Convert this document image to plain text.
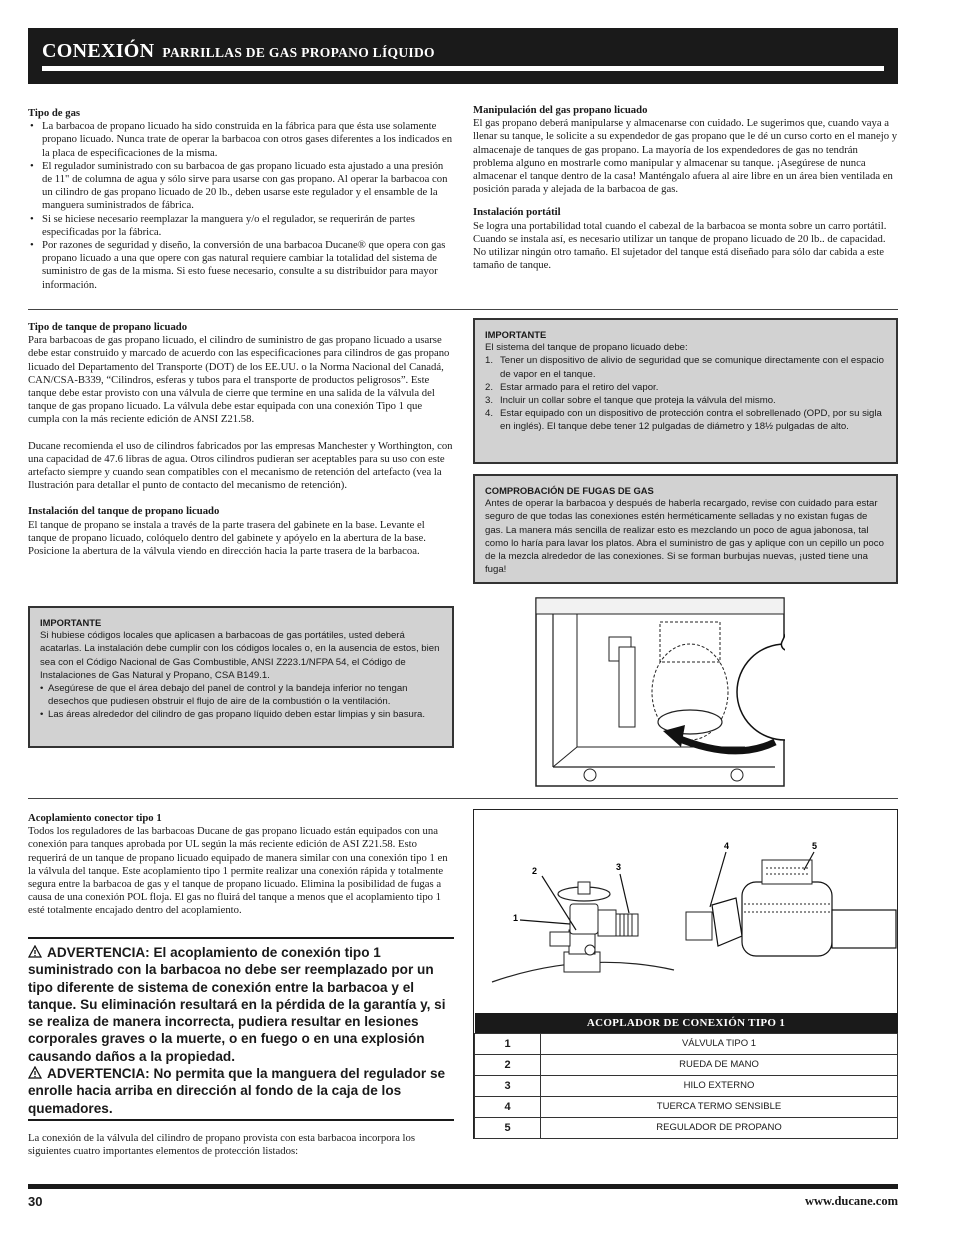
CONEXIÓN PARRILLAS DE GAS PROPANO LÍQUIDO
Tipo de gas
• La barbacoa de propano licuado ha sido construida en la fábrica para que ésta use solamente propano licuado. Nunca trate de operar la barbacoa con otros gases diferentes a los indicados en la placa de especificaciones de la misma.
• El regulador suministrado con su barbacoa de gas propano licuado esta ajustado a una presión de 11" de columna de agua y sólo sirve para usarse con gas propano. Al operar la barbacoa con un cilindro de gas propano licuado de 20 lb., deben usarse este regulador y el ensamble de la manguera suministrados de fábrica.
• Si se hiciese necesario reemplazar la manguera y/o el regulador, se requerirán de partes especificadas por la fábrica.
• Por razones de seguridad y diseño, la conversión de una barbacoa Ducane® que opera con gas propano licuado a una que opere con gas natural requiere cambiar la totalidad del sistema de suministro de gas de la misma. Si esto fuese necesario, consulte a su distribuidor para mayor información.
Manipulación del gas propano licuado
El gas propano deberá manipularse y almacenarse con cuidado. Le sugerimos que, cuando vaya a llenar su tanque, le solicite a su expendedor de gas propano que le dé un curso corto en el manejo y almacenaje de tanques de gas propano. La mayoría de los expendedores de gas no tendrán problema alguno en mostrarle como manipular y almacenar su tanque. ¡Asegúrese de nunca almacenar el tanque dentro de la casa! Manténgalo afuera al aire libre en un área bien ventilada en posición parada y alejada de la barbacoa de gas.
Instalación portátil
Se logra una portabilidad total cuando el cabezal de la barbacoa se monta sobre un carro portátil. Cuando se instala así, es necesario utilizar un tanque de propano licuado de 20 lb.. de capacidad. No utilizar ningún otro tamaño. El sujetador del tanque está diseñado para sólo dar cabida a este tamaño de tanque.
Tipo de tanque de propano licuado
Para barbacoas de gas propano licuado, el cilindro de suministro de gas propano licuado a usarse debe estar construido y marcado de acuerdo con las especificaciones para cilindros de gas propano licuado del Departamento del Transporte (DOT) de los EE.UU. o la Norma Nacional del Canadá, CAN/CSA-B339, “Cilindros, esferas y tubos para el transporte de productos peligrosos”. Este tanque debe estar provisto con una válvula de cierre que termine en una salida de la válvula del tanque de gas propano licuado. La válvula debe estar equipada con una conexión Tipo 1 que cumpla con la más reciente edición de ANSI Z21.58.
Ducane recomienda el uso de cilindros fabricados por las empresas Manchester y Worthington, con una capacidad de 47.6 libras de agua. Otros cilindros pudieran ser aceptables para su uso con este artefacto siempre y cuando sean compatibles con el mecanismo de retención del artefacto (vea la Ilustración para detallar el punto de contacto del mecanismo de retención).
Instalación del tanque de propano licuado
El tanque de propano se instala a través de la parte trasera del gabinete en la base. Levante el tanque de propano licuado, colóquelo dentro del gabinete y apóyelo en la abertura de la base. Posicione la abertura de la válvula viendo en dirección hacia la parte trasera de la barbacoa.
IMPORTANTE
Si hubiese códigos locales que aplicasen a barbacoas de gas portátiles, usted deberá acatarlas. La instalación debe cumplir con los códigos locales o, en la ausencia de estos, bien sea con el Código Nacional de Gas Combustible, ANSI Z223.1/NFPA 54, el Código de Instalaciones de Gas Natural y Propano, CSA B149.1.
• Asegúrese de que el área debajo del panel de control y la bandeja inferior no tengan desechos que pudiesen obstruir el flujo de aire de la combustión o la ventilación.
• Las áreas alrededor del cilindro de gas propano líquido deben estar limpias y sin basura.
IMPORTANTE
El sistema del tanque de propano licuado debe:
1. Tener un dispositivo de alivio de seguridad que se comunique directamente con el espacio de vapor en el tanque.
2. Estar armado para el retiro del vapor.
3. Incluir un collar sobre el tanque que proteja la válvula del mismo.
4. Estar equipado con un dispositivo de protección contra el sobrellenado (OPD, por su sigla en inglés). El tanque debe tener 12 pulgadas de diámetro y 18½ pulgadas de alto.
COMPROBACIÓN DE FUGAS DE GAS
Antes de operar la barbacoa y después de haberla recargado, revise con cuidado para estar seguro de que todas las conexiones estén herméticamente selladas y no existan fugas de gas. La manera más sencilla de realizar esto es mezclando un poco de agua jabonosa, tal como lo haría para lavar los platos. Abra el suministro de gas y aplique con un cepillo un poco de la mezcla alrededor de las conexiones. Si se forman burbujas nuevas, ¡usted tiene una fuga!
Acoplamiento conector tipo 1
Todos los reguladores de las barbacoas Ducane de gas propano licuado están equipados con una conexión para tanques aprobada por UL según la más reciente edición de ASI Z21.58. Esto requerirá de un tanque de propano licuado equipado de manera similar con una conexión tipo 1 en la válvula del tanque. Este acoplamiento tipo 1 permite realizar una conexión rápida y totalmente segura entre la barbacoa de gas y el tanque de propano licuado. Elimina la posibilidad de fugas a causa de una conexión POL floja. El gas no fluirá del tanque a menos que el acoplamiento tipo 1 esté totalmente encajado dentro del acoplamiento.
ADVERTENCIA: El acoplamiento de conexión tipo 1 suministrado con la barbacoa no debe ser reemplazado por un tipo diferente de sistema de conexión entre la barbacoa y el tanque. Su eliminación resultará en la pérdida de la garantía y, si se realiza de manera incorrecta, pudiera resultar en lesiones corporales graves o la muerte, o en fuego o en una explosión causando daños a la propiedad.
ADVERTENCIA: No permita que la manguera del regulador se enrolle hacia arriba en dirección al fondo de la caja de los quemadores.
La conexión de la válvula del cilindro de propano provista con esta barbacoa incorpora los siguientes cuatro importantes elementos de protección listados:
1
2	3
4	5
ACOPLADOR DE CONEXIÓN TIPO 1	
1	VÁLVULA TIPO 1
2	RUEDA DE MANO
3	HILO EXTERNO
4	TUERCA TERMO SENSIBLE
5	REGULADOR DE PROPANO
30	www.ducane.com
